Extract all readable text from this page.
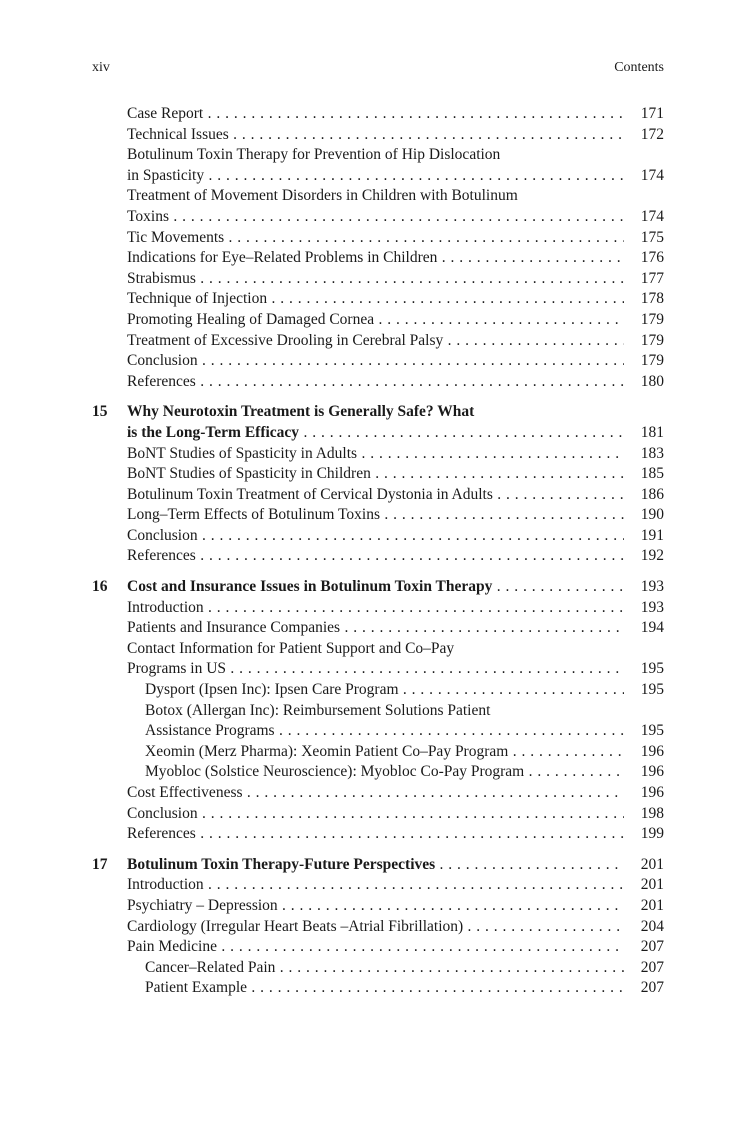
xiv	Contents
Case Report . . .	171
Technical Issues . . .	172
Botulinum Toxin Therapy for Prevention of Hip Dislocation
in Spasticity . . .	174
Treatment of Movement Disorders in Children with Botulinum
Toxins . . .	174
Tic Movements . . .	175
Indications for Eye–Related Problems in Children . . .	176
Strabismus . . .	177
Technique of Injection . . .	178
Promoting Healing of Damaged Cornea . . .	179
Treatment of Excessive Drooling in Cerebral Palsy . . .	179
Conclusion . . .	179
References . . .	180
15	Why Neurotoxin Treatment is Generally Safe? What
is the Long-Term Efficacy . . .	181
BoNT Studies of Spasticity in Adults . . .	183
BoNT Studies of Spasticity in Children . . .	185
Botulinum Toxin Treatment of Cervical Dystonia in Adults . . .	186
Long–Term Effects of Botulinum Toxins . . .	190
Conclusion . . .	191
References . . .	192
16	Cost and Insurance Issues in Botulinum Toxin Therapy . . .	193
Introduction . . .	193
Patients and Insurance Companies . . .	194
Contact Information for Patient Support and Co–Pay
Programs in US . . .	195
Dysport (Ipsen Inc): Ipsen Care Program . . .	195
Botox (Allergan Inc): Reimbursement Solutions Patient
Assistance Programs . . .	195
Xeomin (Merz Pharma): Xeomin Patient Co–Pay Program . . .	196
Myobloc (Solstice Neuroscience): Myobloc Co-Pay Program . . .	196
Cost Effectiveness . . .	196
Conclusion . . .	198
References . . .	199
17	Botulinum Toxin Therapy-Future Perspectives . . .	201
Introduction . . .	201
Psychiatry – Depression . . .	201
Cardiology (Irregular Heart Beats –Atrial Fibrillation) . . .	204
Pain Medicine . . .	207
Cancer–Related Pain . . .	207
Patient Example . . .	207
